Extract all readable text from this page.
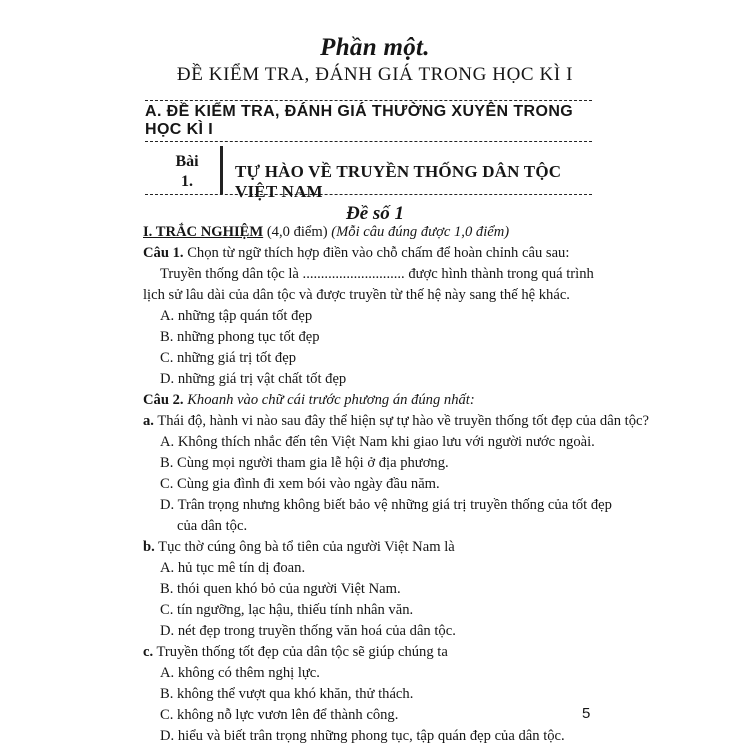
Phần một.
ĐỀ KIỂM TRA, ĐÁNH GIÁ TRONG HỌC KÌ I
A. ĐỀ KIỂM TRA, ĐÁNH GIÁ THƯỜNG XUYÊN TRONG HỌC KÌ I
Bài
1.
TỰ HÀO VỀ TRUYỀN THỐNG DÂN TỘC VIỆT NAM
Đề số 1
I. TRẮC NGHIỆM (4,0 điểm) (Mỗi câu đúng được 1,0 điểm)
Câu 1. Chọn từ ngữ thích hợp điền vào chỗ chấm để hoàn chỉnh câu sau:
Truyền thống dân tộc là ............................ được hình thành trong quá trình
lịch sử lâu dài của dân tộc và được truyền từ thế hệ này sang thế hệ khác.
A. những tập quán tốt đẹp
B. những phong tục tốt đẹp
C. những giá trị tốt đẹp
D. những giá trị vật chất tốt đẹp
Câu 2. Khoanh vào chữ cái trước phương án đúng nhất:
a. Thái độ, hành vi nào sau đây thể hiện sự tự hào về truyền thống tốt đẹp của dân tộc?
A. Không thích nhắc đến tên Việt Nam khi giao lưu với người nước ngoài.
B. Cùng mọi người tham gia lễ hội ở địa phương.
C. Cùng gia đình đi xem bói vào ngày đầu năm.
D. Trân trọng nhưng không biết bảo vệ những giá trị truyền thống của tốt đẹp
của dân tộc.
b. Tục thờ cúng ông bà tổ tiên của người Việt Nam là
A. hủ tục mê tín dị đoan.
B. thói quen khó bỏ của người Việt Nam.
C. tín ngưỡng, lạc hậu, thiếu tính nhân văn.
D. nét đẹp trong truyền thống văn hoá của dân tộc.
c. Truyền thống tốt đẹp của dân tộc sẽ giúp chúng ta
A. không có thêm nghị lực.
B. không thể vượt qua khó khăn, thử thách.
C. không nỗ lực vươn lên để thành công.
D. hiểu và biết trân trọng những phong tục, tập quán đẹp của dân tộc.
5
